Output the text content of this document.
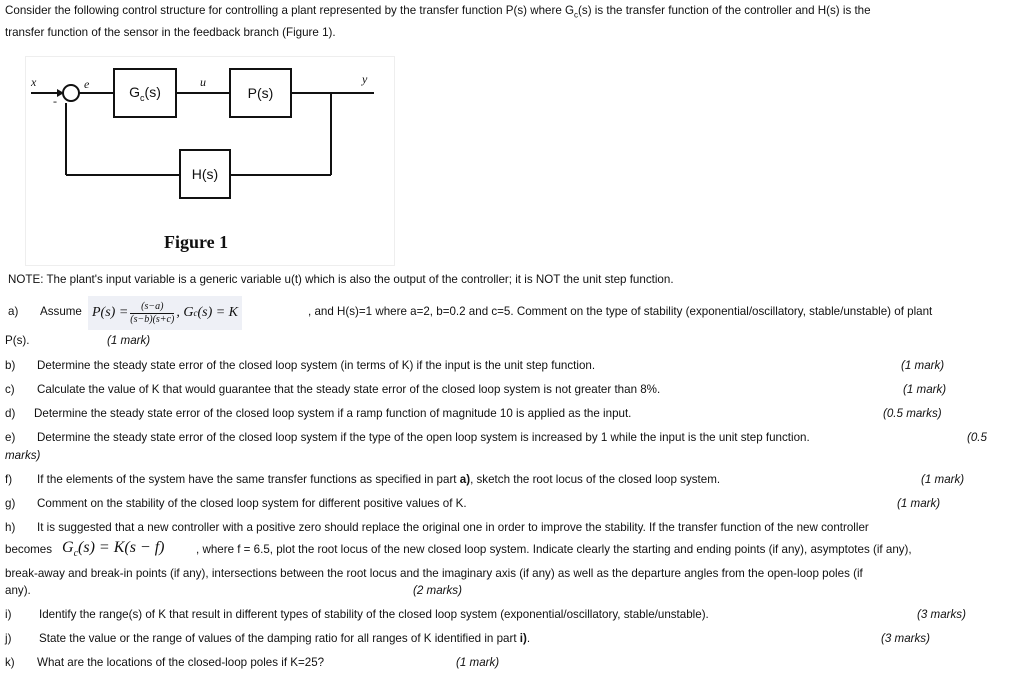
Consider the following control structure for controlling a plant represented by the transfer function P(s) where $G_c(s)$ is the transfer function of the controller and H(s) is the
transfer function of the sensor in the feedback branch (Figure 1).
$G_c(s)$	P(s)
H(s)
x	e	u	y
-
Figure 1
NOTE: The plant's input variable is a generic variable u(t) which is also the output of the controller; it is NOT the unit step function.
a) Assume $P(s) = \frac{(s-a)}{(s-b)(s+c)}$ , G c (s) = K	, and H(s)=1 where a=2, b=0.2 and c=5. Comment on the type of stability (exponential/oscillatory, stable/unstable) of plant
P(s).	(1 mark)
b) Determine the steady state error of the closed loop system (in terms of K) if the input is the unit step function.	(1 mark)
c) Calculate the value of K that would guarantee that the steady state error of the closed loop system is not greater than 8%.	(1 mark)
d) Determine the steady state error of the closed loop system if a ramp function of magnitude 10 is applied as the input.	(0.5 marks)
e) Determine the steady state error of the closed loop system if the type of the open loop system is increased by 1 while the input is the unit step function.	(0.5
marks)
f) If the elements of the system have the same transfer functions as specified in part a), sketch the root locus of the closed loop system.	(1 mark)
g) Comment on the stability of the closed loop system for different positive values of K.	(1 mark)
h) It is suggested that a new controller with a positive zero should replace the original one in order to improve the stability. If the transfer function of the new controller
becomes $G_c(s) = K(s - f)$	, where f = 6.5, plot the root locus of the new closed loop system. Indicate clearly the starting and ending points (if any), asymptotes (if any),
break-away and break-in points (if any), intersections between the root locus and the imaginary axis (if any) as well as the departure angles from the open-loop poles (if
any).	(2 marks)
i) Identify the range(s) of K that result in different types of stability of the closed loop system (exponential/oscillatory, stable/unstable).	(3 marks)
j) State the value or the range of values of the damping ratio for all ranges of K identified in part i).	(3 marks)
k) What are the locations of the closed-loop poles if K=25?	(1 mark)
